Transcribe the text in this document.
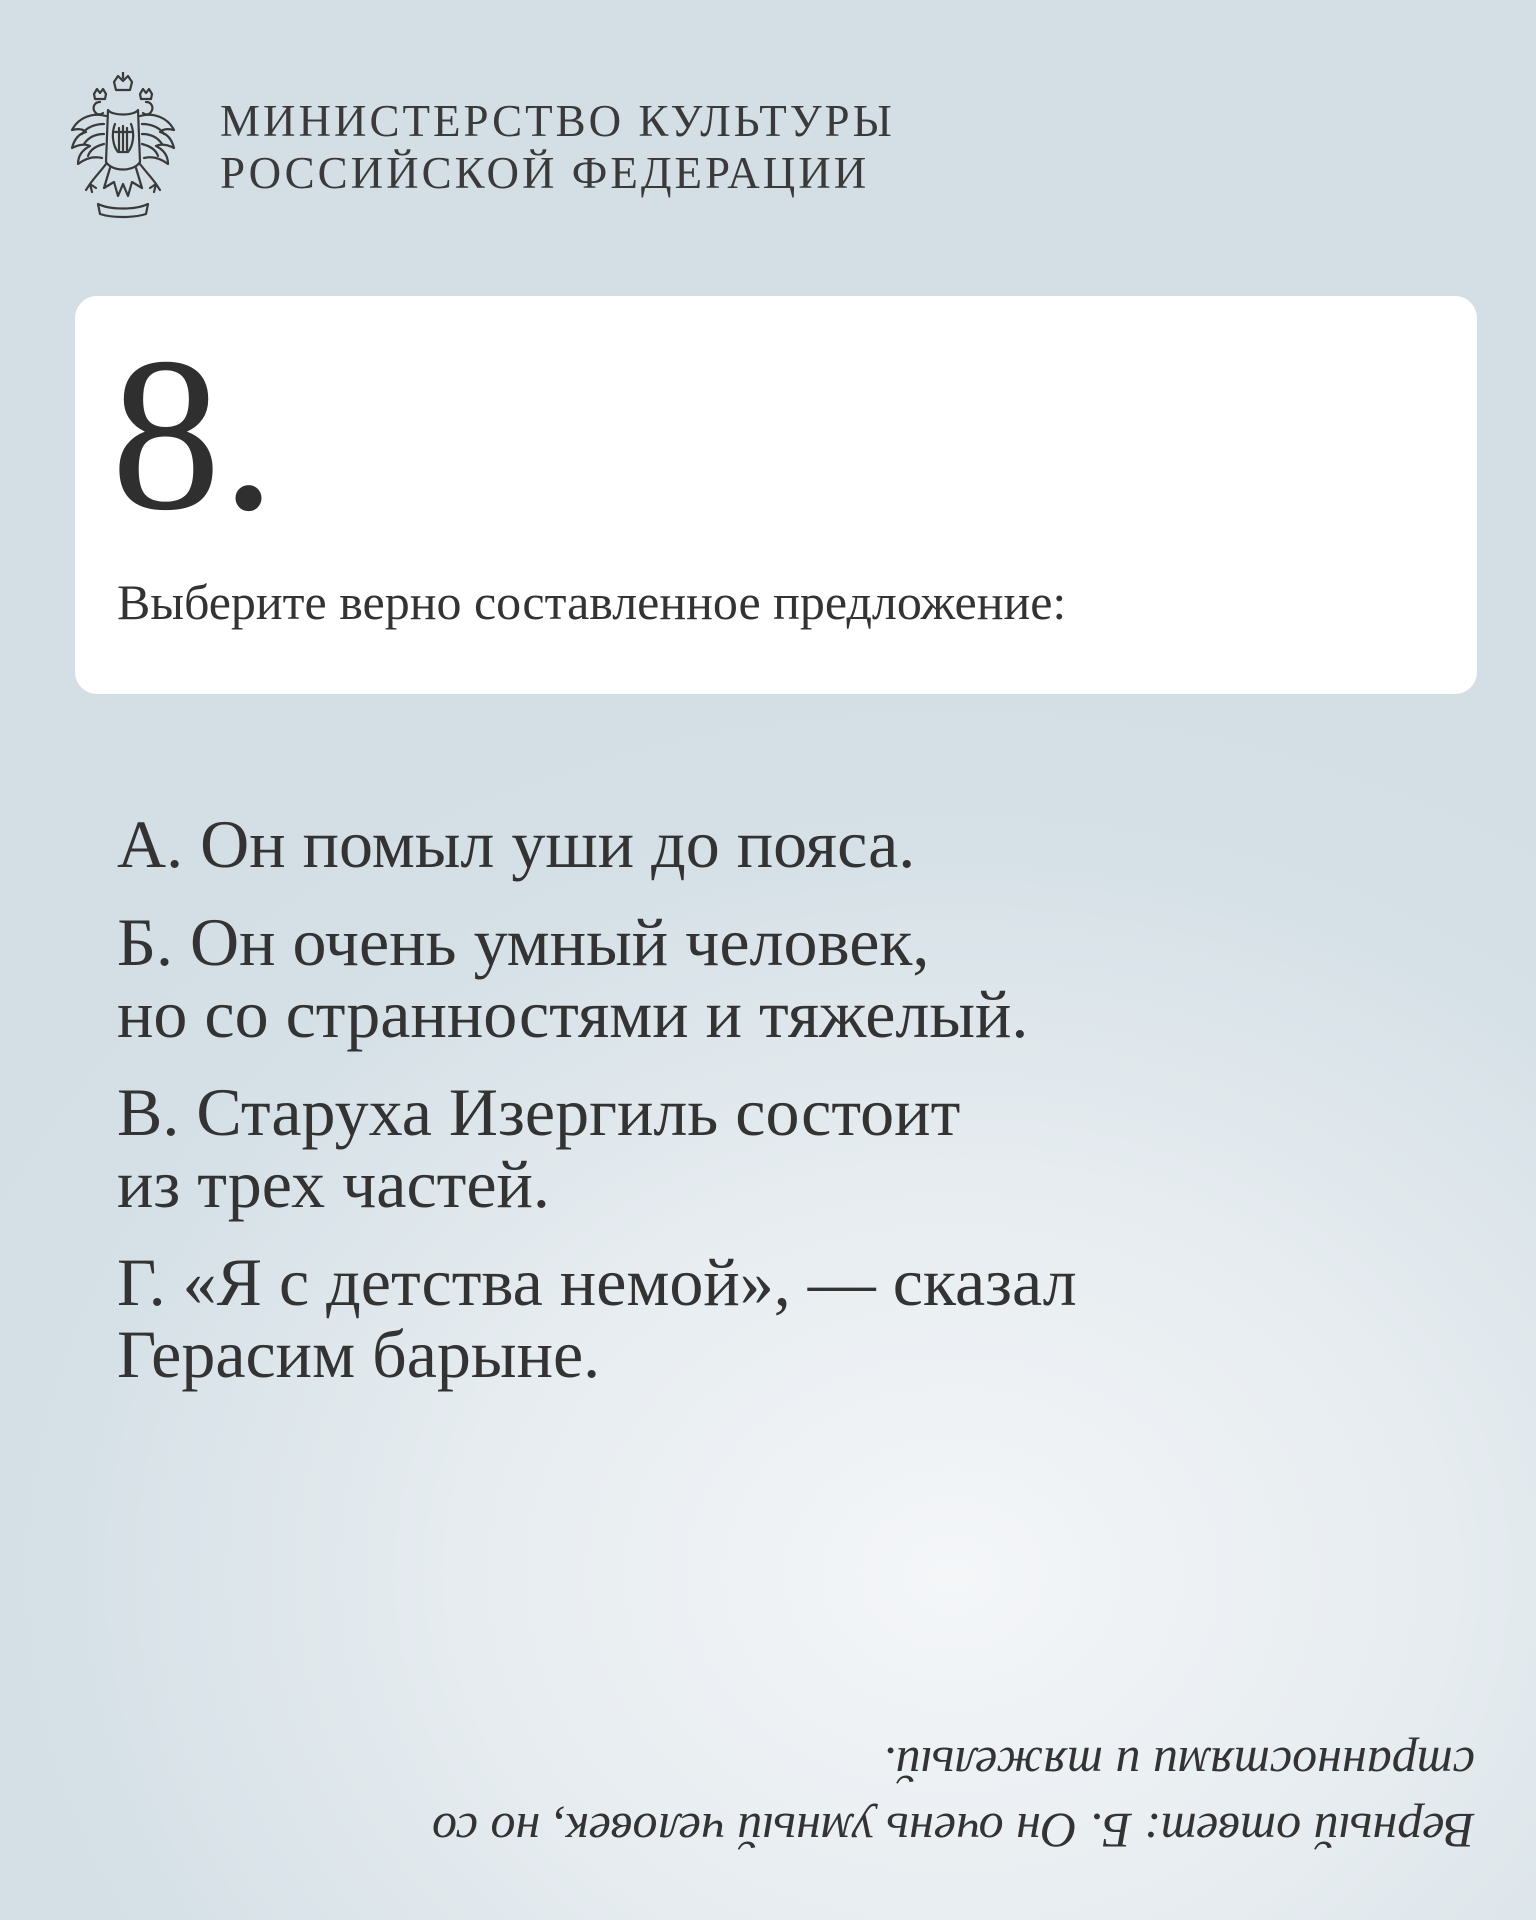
МИНИСТЕРСТВО КУЛЬТУРЫ
РОССИЙСКОЙ ФЕДЕРАЦИИ
8.
Выберите верно составленное предложение:
А. Он помыл уши до пояса.
Б. Он очень умный человек,
но со странностями и тяжелый.
В. Старуха Изергиль состоит
из трех частей.
Г. «Я с детства немой», — сказал
Герасим барыне.
Верный ответ: Б. Он очень умный человек, но со
странностями и тяжелый.
